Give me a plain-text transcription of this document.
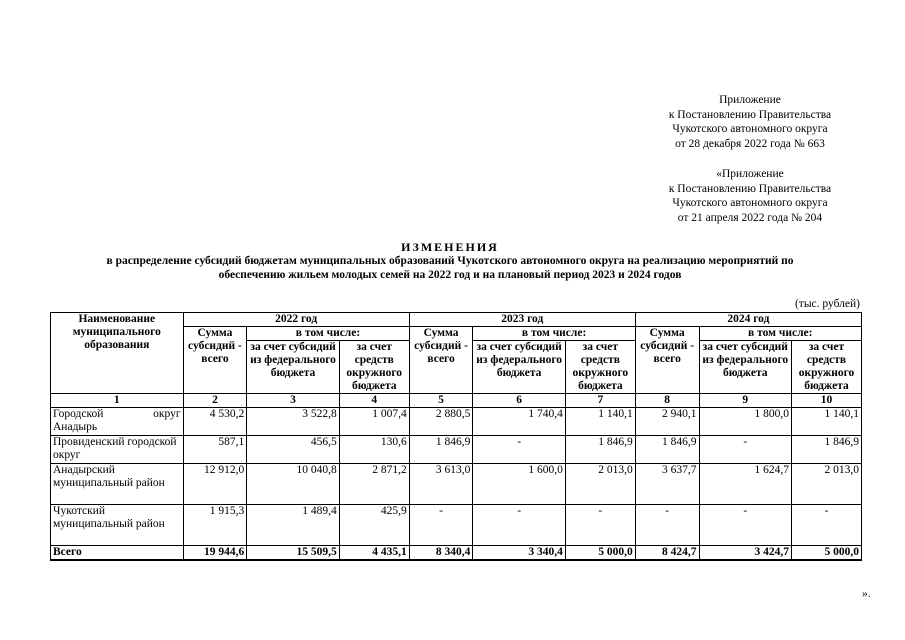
Приложение
к Постановлению Правительства
Чукотского автономного округа
от 28 декабря 2022 года № 663
«Приложение
к Постановлению Правительства
Чукотского автономного округа
от 21 апреля 2022 года № 204
ИЗМЕНЕНИЯ
в распределение субсидий бюджетам муниципальных образований Чукотского автономного округа на реализацию мероприятий по
обеспечению жильем молодых семей на 2022 год и на плановый период 2023 и 2024 годов
(тыс. рублей)
Наименование муниципального образования	2022 год			2023 год			2024 год		
	Сумма субсидий - всего	в том числе:		Сумма субсидий - всего	в том числе:		Сумма субсидий - всего	в том числе:	
		за счет субсидий из федерального бюджета	за счет средств окружного бюджета		за счет субсидий из федерального бюджета	за счет средств окружного бюджета		за счет субсидий из федерального бюджета	за счет средств окружного бюджета
1	2	3	4	5	6	7	8	9	10
Городской округ Анадырь	4 530,2	3 522,8	1 007,4	2 880,5	1 740,4	1 140,1	2 940,1	1 800,0	1 140,1
Провиденский городской округ	587,1	456,5	130,6	1 846,9	-	1 846,9	1 846,9	-	1 846,9
Анадырский муниципальный район	12 912,0	10 040,8	2 871,2	3 613,0	1 600,0	2 013,0	3 637,7	1 624,7	2 013,0
Чукотский муниципальный район	1 915,3	1 489,4	425,9	-	-	-	-	-	-
Всего	19 944,6	15 509,5	4 435,1	8 340,4	3 340,4	5 000,0	8 424,7	3 424,7	5 000,0
».
